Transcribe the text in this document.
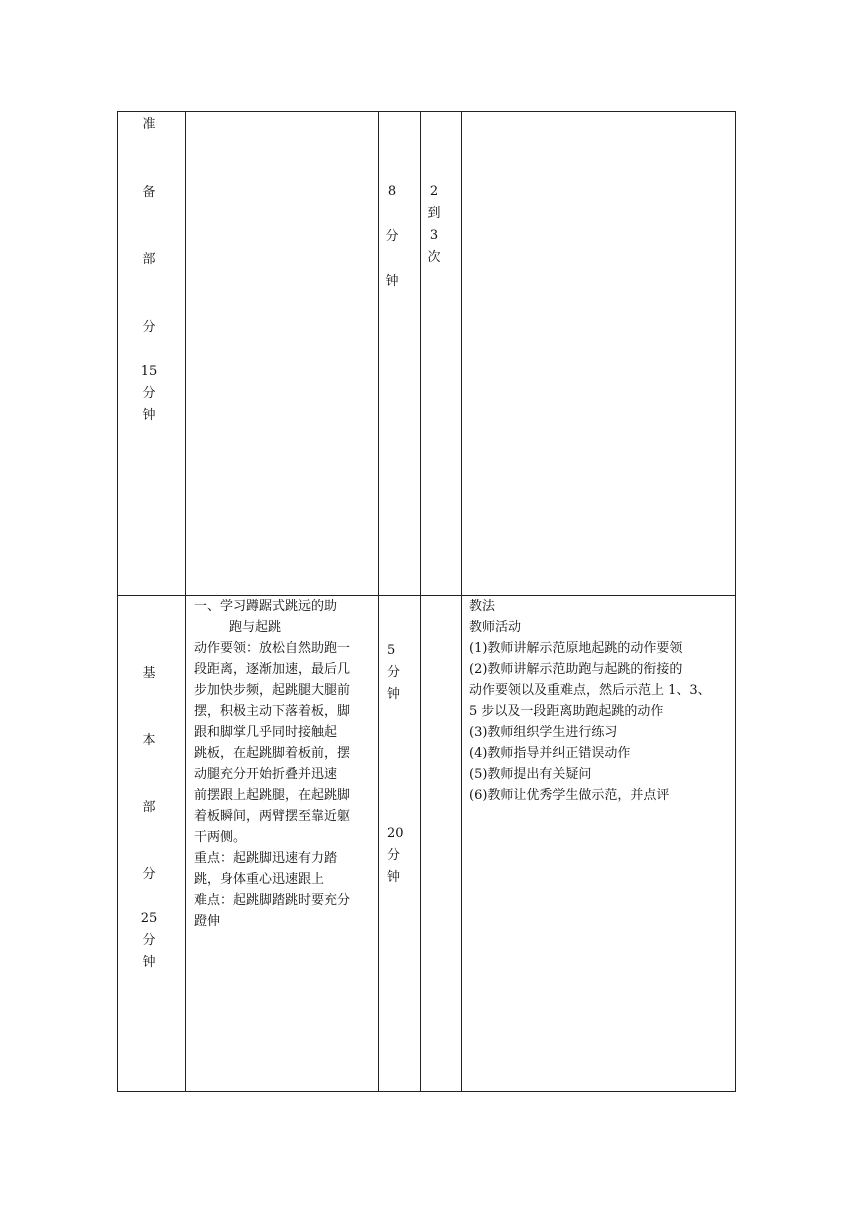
准
备
部
分
15
分
钟
8
分
钟
2
到
3
次
基
本
部
分
25
分
钟
一、学习蹲踞式跳远的助
跑与起跳
动作要领：放松自然助跑一
段距离，逐渐加速，最后几
步加快步频，起跳腿大腿前
摆，积极主动下落着板，脚
跟和脚掌几乎同时接触起
跳板，在起跳脚着板前，摆
动腿充分开始折叠并迅速
前摆跟上起跳腿，在起跳脚
着板瞬间，两臂摆至靠近躯
干两侧。
重点：起跳脚迅速有力踏
跳，身体重心迅速跟上
难点：起跳脚踏跳时要充分
蹬伸
5
分
钟
20
分
钟
教法
教师活动
(1)教师讲解示范原地起跳的动作要领
(2)教师讲解示范助跑与起跳的衔接的
动作要领以及重难点，然后示范上 1、3、
5 步以及一段距离助跑起跳的动作
(3)教师组织学生进行练习
(4)教师指导并纠正错误动作
(5)教师提出有关疑问
(6)教师让优秀学生做示范，并点评
